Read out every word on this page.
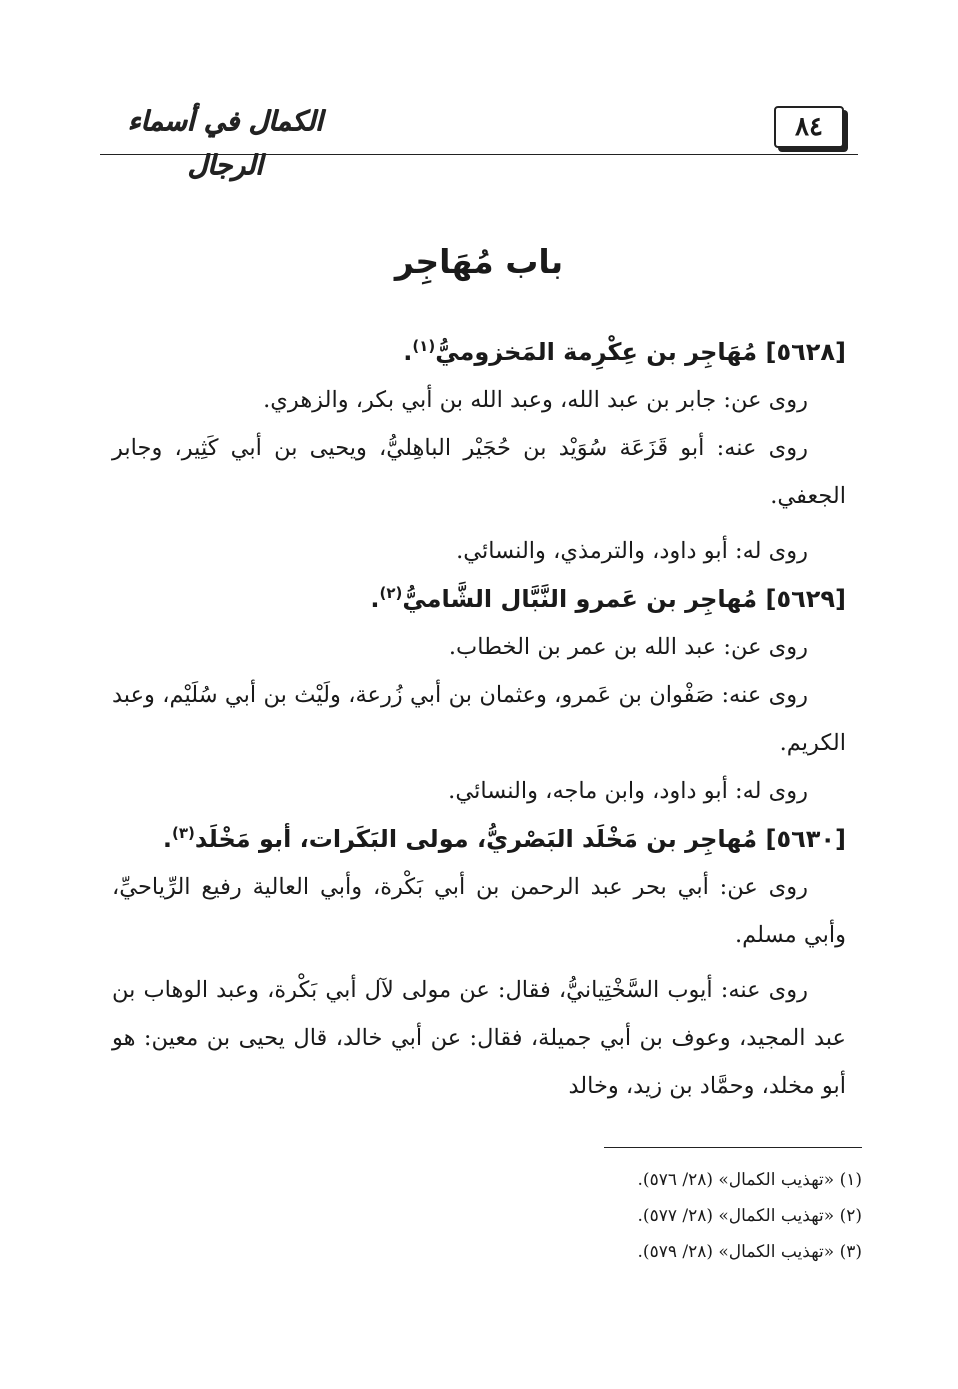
٨٤
الكمال في أسماء الرجال
باب مُهَاجِر

[٥٦٢٨] مُهَاجِر بن عِكْرِمة المَخزوميُّ$^{(١)}$.

روى عن: جابر بن عبد الله، وعبد الله بن أبي بكر، والزهري.

روى عنه: أبو قَزَعَة سُوَيْد بن حُجَيْر الباهِليُّ، ويحيى بن أبي كَثِير، وجابر الجعفي.

روى له: أبو داود، والترمذي، والنسائي.

[٥٦٢٩] مُهاجِر بن عَمرو النَّبَّال الشَّاميُّ$^{(٢)}$.

روى عن: عبد الله بن عمر بن الخطاب.

روى عنه: صَفْوان بن عَمرو، وعثمان بن أبي زُرعة، ولَيْث بن أبي سُلَيْم، وعبد الكريم.

روى له: أبو داود، وابن ماجه، والنسائي.

[٥٦٣٠] مُهاجِر بن مَخْلَد البَصْريُّ، مولى البَكَرات، أبو مَخْلَد$^{(٣)}$.

روى عن: أبي بحر عبد الرحمن بن أبي بَكْرة، وأبي العالية رفيع الرِّياحيِّ، وأبي مسلم.

روى عنه: أيوب السَّخْتِيانيُّ، فقال: عن مولى لآل أبي بَكْرة، وعبد الوهاب بن عبد المجيد، وعوف بن أبي جميلة، فقال: عن أبي خالد، قال يحيى بن معين: هو أبو مخلد، وحمَّاد بن زيد، وخالد

(١) «تهذيب الكمال» (٢٨/ ٥٧٦).
(٢) «تهذيب الكمال» (٢٨/ ٥٧٧).
(٣) «تهذيب الكمال» (٢٨/ ٥٧٩).
